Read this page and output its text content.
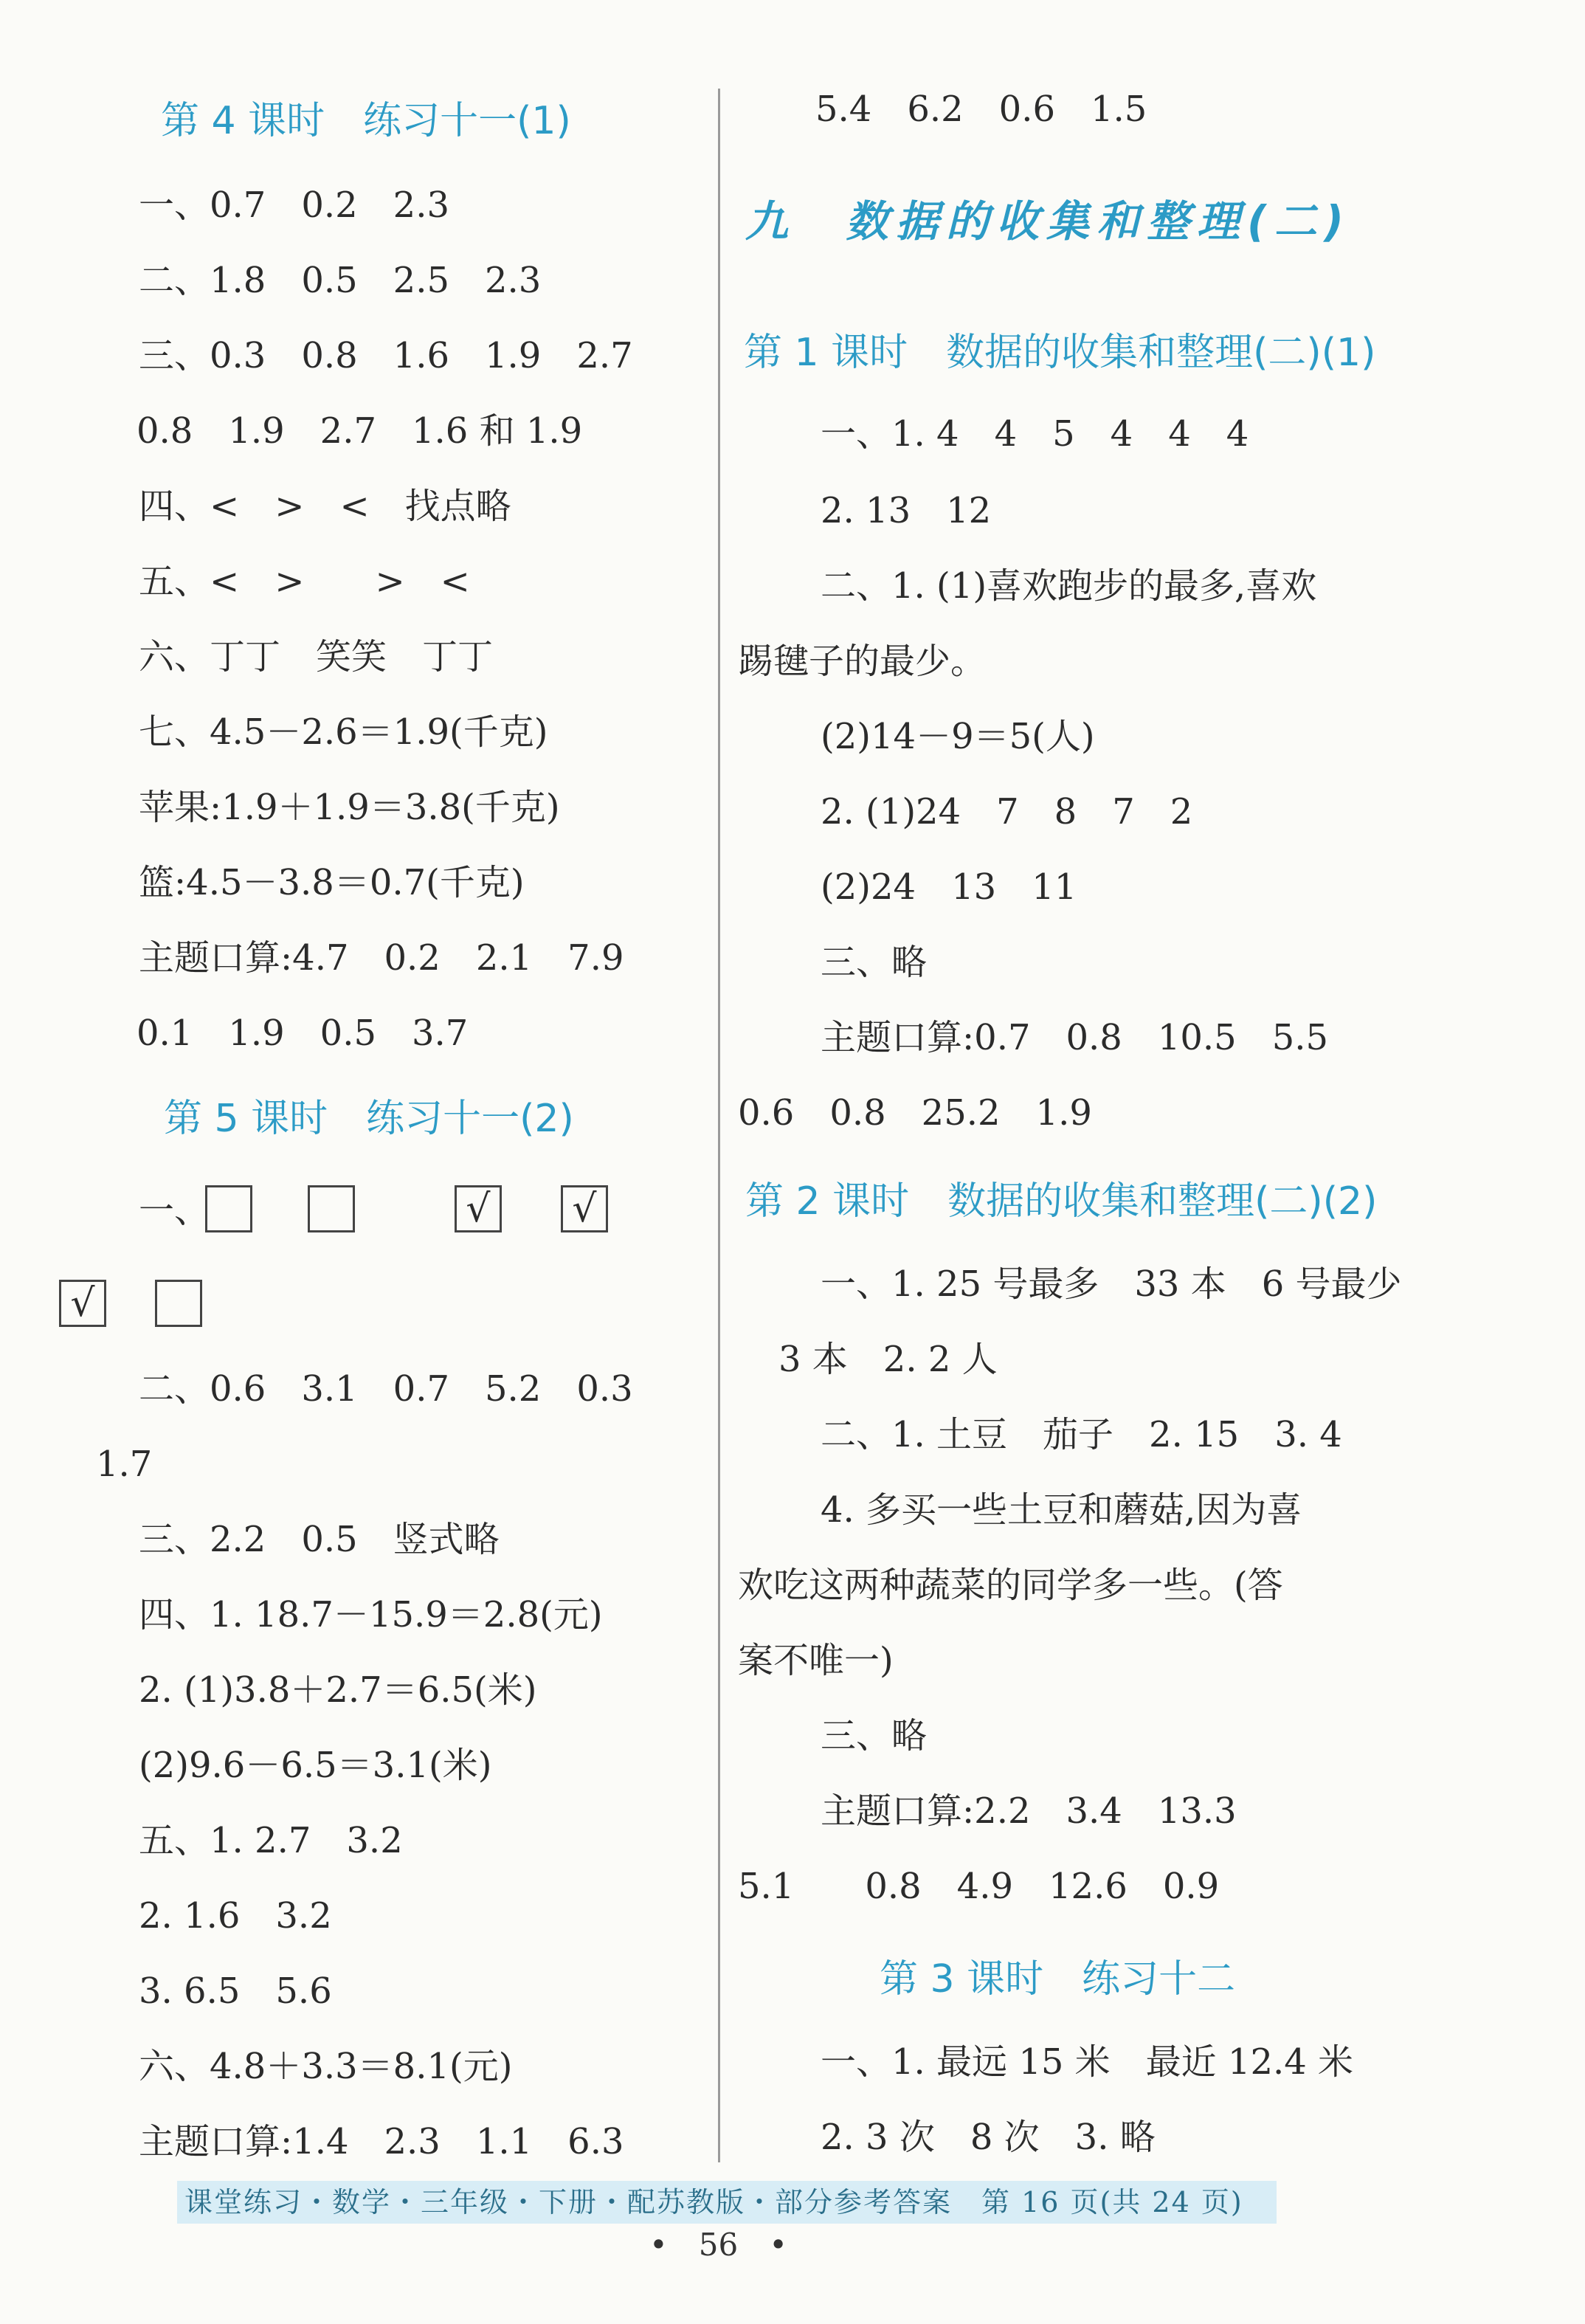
第 4 课时　练习十一(1)
一、0.7　0.2　2.3
二、1.8　0.5　2.5　2.3
三、0.3　0.8　1.6　1.9　2.7
0.8　1.9　2.7　1.6 和 1.9
四、<　>　<　找点略
五、<　>　　>　<
六、丁丁　笑笑　丁丁
七、4.5－2.6＝1.9(千克)
苹果:1.9＋1.9＝3.8(千克)
篮:4.5－3.8＝0.7(千克)
主题口算:4.7　0.2　2.1　7.9
0.1　1.9　0.5　3.7
第 5 课时　练习十一(2)
一、	√ √
√
二、0.6　3.1　0.7　5.2　0.3
1.7
三、2.2　0.5　竖式略
四、1. 18.7－15.9＝2.8(元)
2. (1)3.8＋2.7＝6.5(米)
(2)9.6－6.5＝3.1(米)
五、1. 2.7　3.2
2. 1.6　3.2
3. 6.5　5.6
六、4.8＋3.3＝8.1(元)
主题口算:1.4　2.3　1.1　6.3
5.4　6.2　0.6　1.5
九　数据的收集和整理(二)
第 1 课时　数据的收集和整理(二)(1)
一、1. 4　4　5　4　4　4
2. 13　12
二、1. (1)喜欢跑步的最多,喜欢
踢毽子的最少。
(2)14－9＝5(人)
2. (1)24　7　8　7　2
(2)24　13　11
三、略
主题口算:0.7　0.8　10.5　5.5
0.6　0.8　25.2　1.9
第 2 课时　数据的收集和整理(二)(2)
一、1. 25 号最多　33 本　6 号最少
3 本　2. 2 人
二、1. 土豆　茄子　2. 15　3. 4
4. 多买一些土豆和蘑菇,因为喜
欢吃这两种蔬菜的同学多一些。(答
案不唯一)
三、略
主题口算:2.2　3.4　13.3
5.1　　0.8　4.9　12.6　0.9
第 3 课时　练习十二
一、1. 最远 15 米　最近 12.4 米
2. 3 次　8 次　3. 略
课堂练习・数学・三年级・下册・配苏教版・部分参考答案　第 16 页(共 24 页)
•　56　•
